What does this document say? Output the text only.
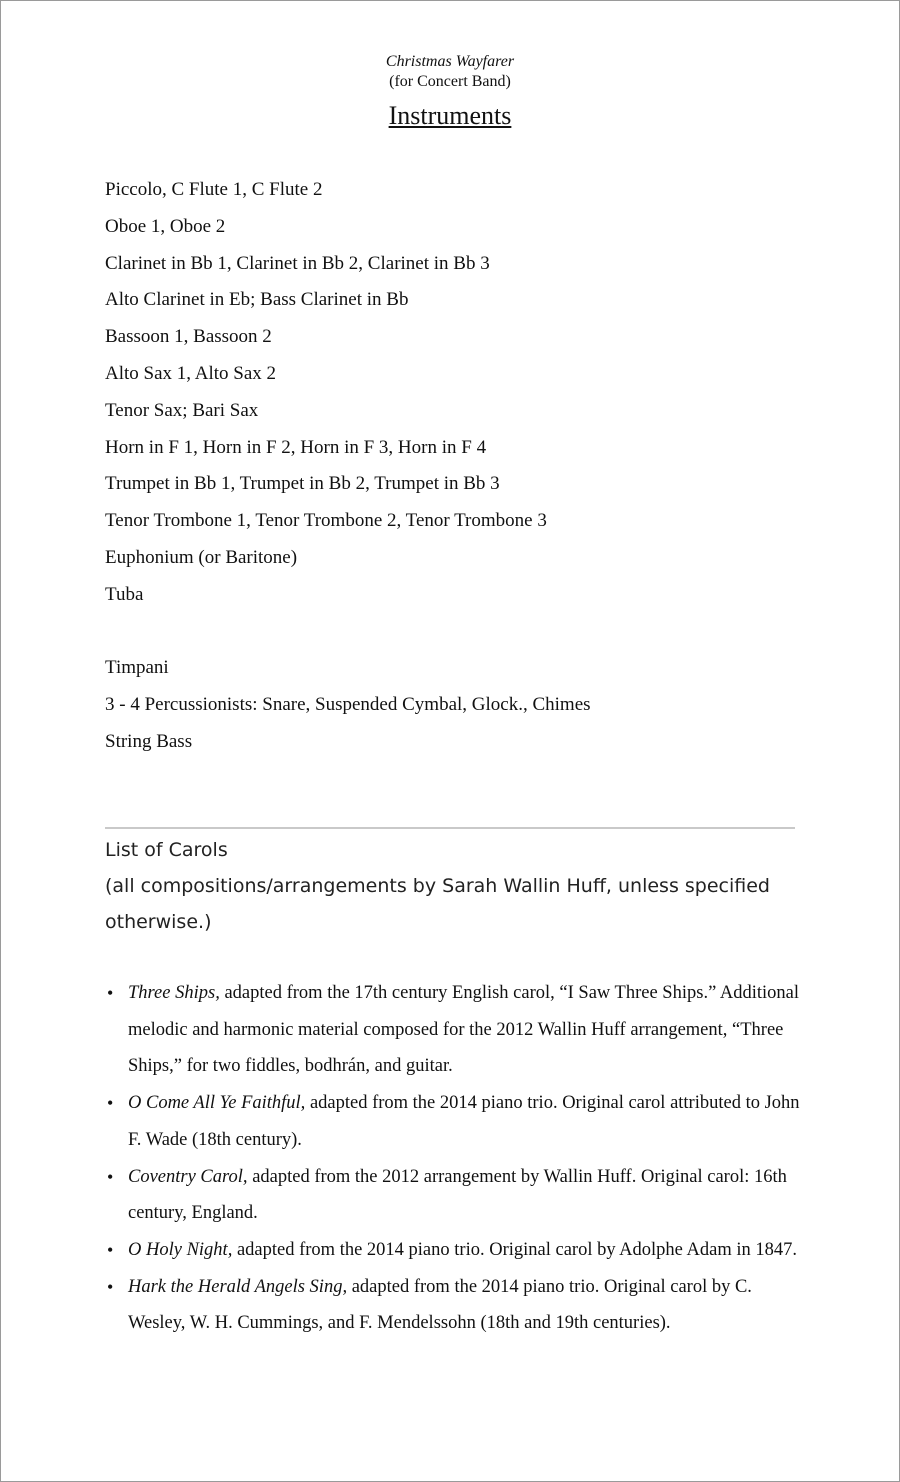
Christmas Wayfarer
(for Concert Band)
Instruments
Piccolo, C Flute 1, C Flute 2
Oboe 1, Oboe 2
Clarinet in Bb 1, Clarinet in Bb 2, Clarinet in Bb 3
Alto Clarinet in Eb; Bass Clarinet in Bb
Bassoon 1, Bassoon 2
Alto Sax 1, Alto Sax 2
Tenor Sax; Bari Sax
Horn in F 1, Horn in F 2, Horn in F 3, Horn in F 4
Trumpet in Bb 1, Trumpet in Bb 2, Trumpet in Bb 3
Tenor Trombone 1, Tenor Trombone 2, Tenor Trombone 3
Euphonium (or Baritone)
Tuba
Timpani
3 - 4 Percussionists: Snare, Suspended Cymbal, Glock., Chimes
String Bass
List of Carols
(all compositions/arrangements by Sarah Wallin Huff, unless specified otherwise.)
• Three Ships, adapted from the 17th century English carol, “I Saw Three Ships.” Additional melodic and harmonic material composed for the 2012 Wallin Huff arrangement, “Three Ships,” for two fiddles, bodhrán, and guitar.
• O Come All Ye Faithful, adapted from the 2014 piano trio. Original carol attributed to John F. Wade (18th century).
• Coventry Carol, adapted from the 2012 arrangement by Wallin Huff. Original carol: 16th century, England.
• O Holy Night, adapted from the 2014 piano trio. Original carol by Adolphe Adam in 1847.
• Hark the Herald Angels Sing, adapted from the 2014 piano trio. Original carol by C. Wesley, W. H. Cummings, and F. Mendelssohn (18th and 19th centuries).
